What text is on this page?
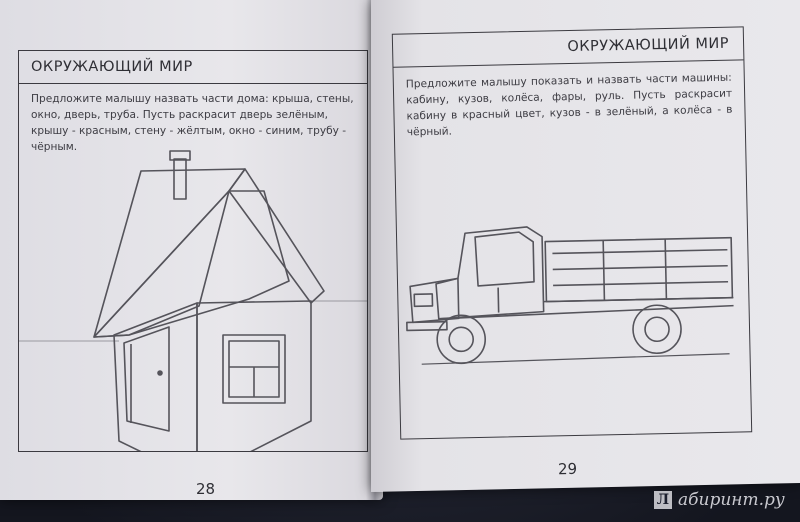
ОКРУЖАЮЩИЙ МИР
Предложите малышу назвать части дома: крыша, стены, окно, дверь, труба. Пусть раскрасит дверь зелёным, крышу - красным, стену - жёлтым, окно - синим, трубу - чёрным.
28
ОКРУЖАЮЩИЙ МИР
Предложите малышу показать и назвать части машины: кабину, кузов, колёса, фары, руль. Пусть раскрасит кабину в красный цвет, кузов - в зелёный, а колёса - в чёрный.
29
Л абиринт.ру
